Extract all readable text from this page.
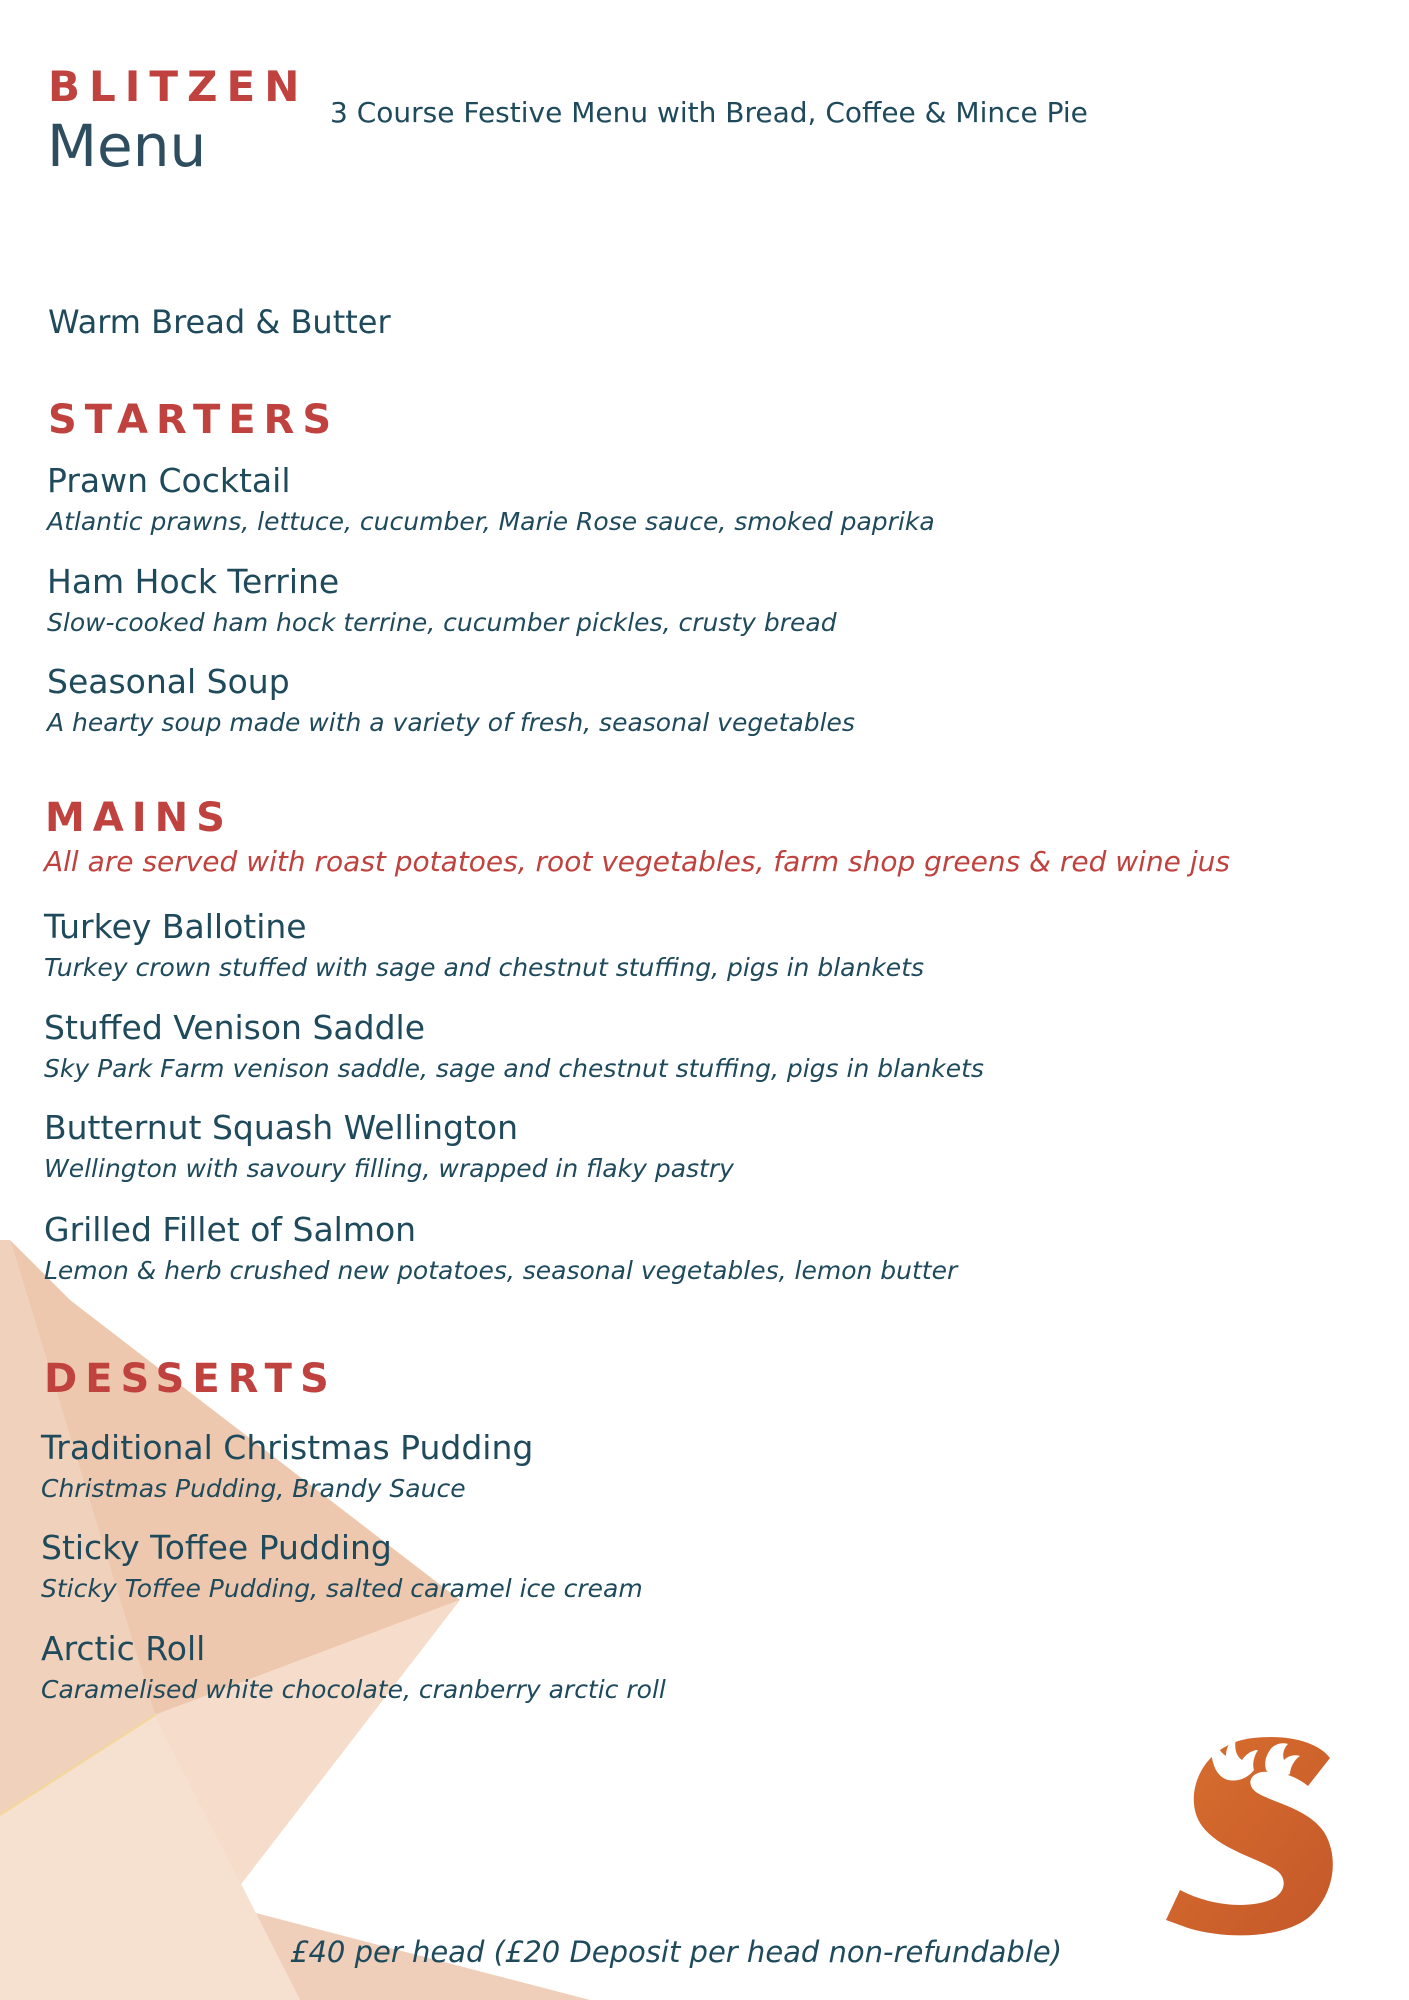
BLITZEN
Menu	3 Course Festive Menu with Bread, Coffee & Mince Pie
Warm Bread & Butter
STARTERS
Prawn Cocktail
Atlantic prawns, lettuce, cucumber, Marie Rose sauce, smoked paprika
Ham Hock Terrine
Slow-cooked ham hock terrine, cucumber pickles, crusty bread
Seasonal Soup
A hearty soup made with a variety of fresh, seasonal vegetables
MAINS
All are served with roast potatoes, root vegetables, farm shop greens & red wine jus
Turkey Ballotine
Turkey crown stuffed with sage and chestnut stuffing, pigs in blankets
Stuffed Venison Saddle
Sky Park Farm venison saddle, sage and chestnut stuffing, pigs in blankets
Butternut Squash Wellington
Wellington with savoury filling, wrapped in flaky pastry
Grilled Fillet of Salmon
Lemon & herb crushed new potatoes, seasonal vegetables, lemon butter
DESSERTS
Traditional Christmas Pudding
Christmas Pudding, Brandy Sauce
Sticky Toffee Pudding
Sticky Toffee Pudding, salted caramel ice cream
Arctic Roll
Caramelised white chocolate, cranberry arctic roll
£40 per head (£20 Deposit per head non-refundable)
